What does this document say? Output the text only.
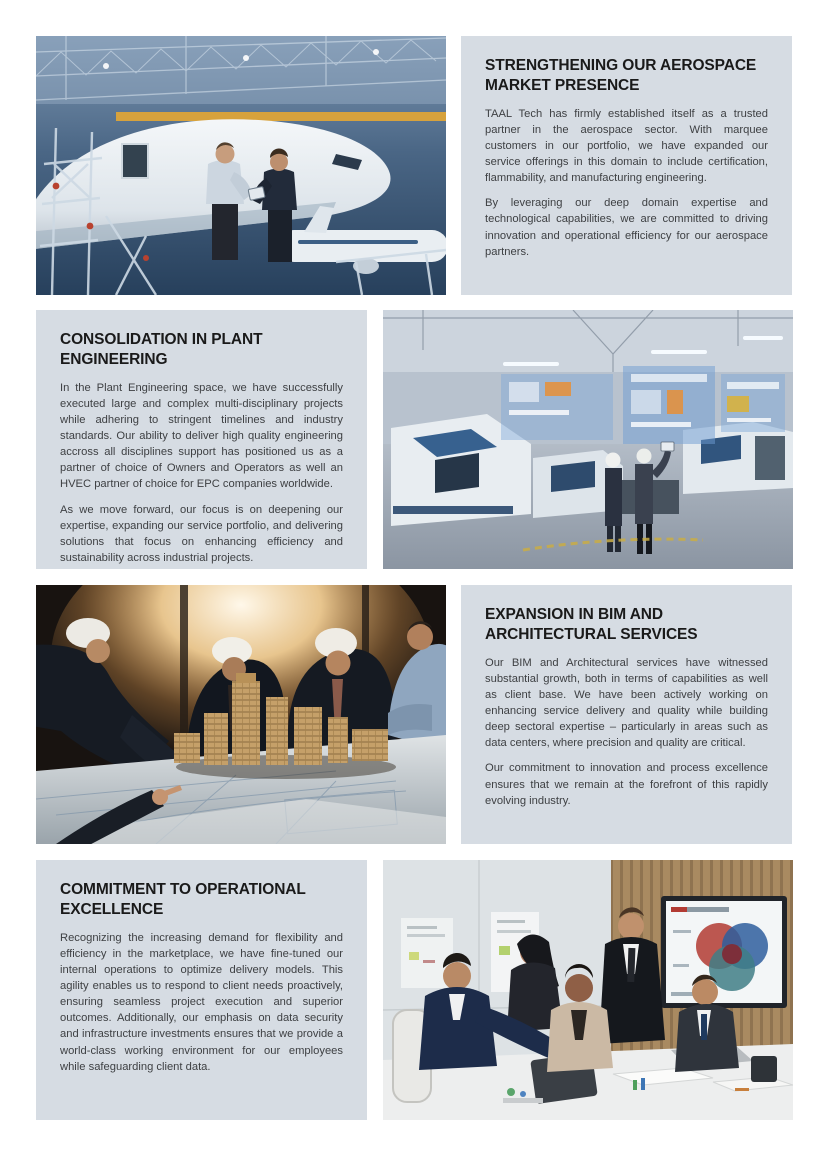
STRENGTHENING OUR AEROSPACE MARKET PRESENCE

TAAL Tech has firmly established itself as a trusted partner in the aerospace sector. With marquee customers in our portfolio, we have expanded our service offerings in this domain to include certification, flammability, and manufacturing engineering.

By leveraging our deep domain expertise and technological capabilities, we are committed to driving innovation and operational efficiency for our aerospace partners.

CONSOLIDATION IN PLANT ENGINEERING

In the Plant Engineering space, we have successfully executed large and complex multi-disciplinary projects while adhering to stringent timelines and industry standards. Our ability to deliver high quality engineering accross all disciplines support has positioned us as a partner of choice of Owners and Operators as well an HVEC partner of choice for EPC companies worldwide.

As we move forward, our focus is on deepening our expertise, expanding our service portfolio, and delivering solutions that focus on enhancing efficiency and sustainability across industrial projects.

EXPANSION IN BIM AND ARCHITECTURAL SERVICES

Our BIM and Architectural services have witnessed substantial growth, both in terms of capabilities as well as client base. We have been actively working on enhancing service delivery and quality while building deep sectoral expertise – particularly in areas such as data centers, where precision and quality are critical.

Our commitment to innovation and process excellence ensures that we remain at the forefront of this rapidly evolving industry.

COMMITMENT TO OPERATIONAL EXCELLENCE

Recognizing the increasing demand for flexibility and efficiency in the marketplace, we have fine-tuned our internal operations to optimize delivery models. This agility enables us to respond to client needs proactively, ensuring seamless project execution and superior outcomes. Additionally, our emphasis on data security and infrastructure investments ensures that we provide a world-class working environment for our employees while safeguarding client data.
